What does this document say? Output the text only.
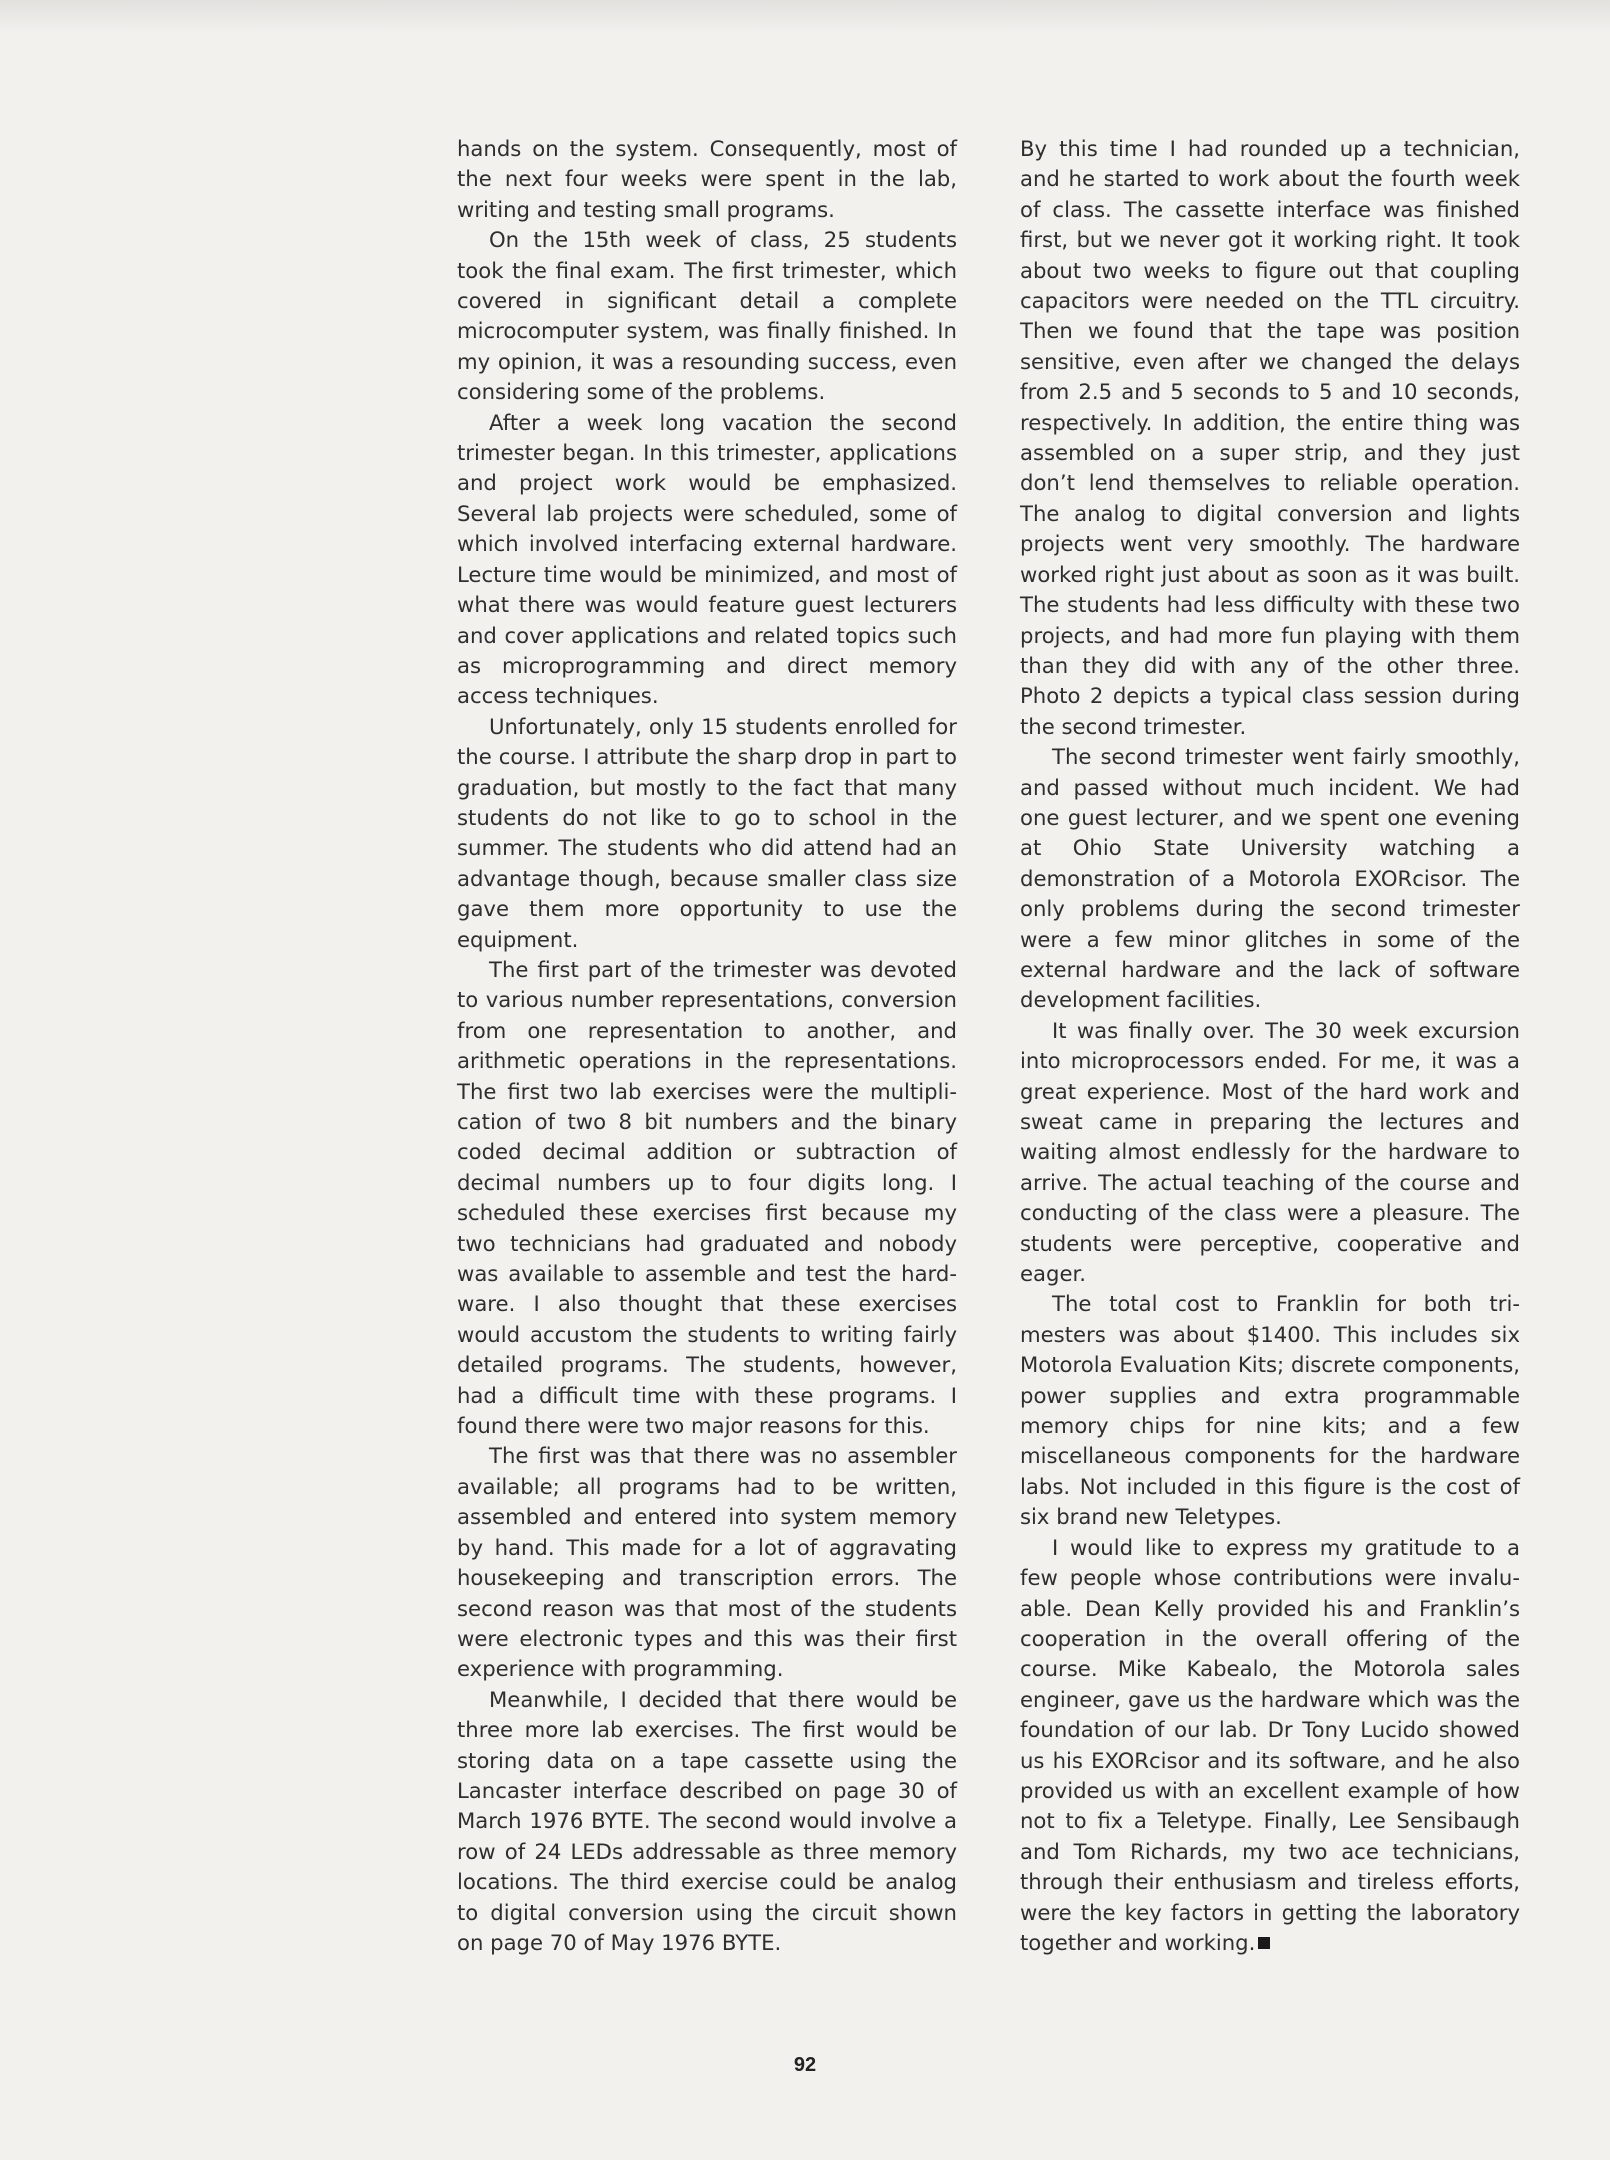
hands on the system. Consequently, most of the next four weeks were spent in the lab, writing and testing small programs.

On the 15th week of class, 25 students took the final exam. The first trimester, which covered in significant detail a complete microcomputer system, was finally finished. In my opinion, it was a resounding success, even considering some of the problems.

After a week long vacation the second trimester began. In this trimester, applications and project work would be emphasized. Several lab projects were scheduled, some of which involved interfacing external hardware. Lecture time would be minimized, and most of what there was would feature guest lecturers and cover applications and related topics such as microprogramming and direct memory access techniques.

Unfortunately, only 15 students enrolled for the course. I attribute the sharp drop in part to graduation, but mostly to the fact that many students do not like to go to school in the summer. The students who did attend had an advantage though, because smaller class size gave them more opportunity to use the equipment.

The first part of the trimester was devoted to various number representations, conversion from one representation to another, and arithmetic operations in the representations. The first two lab exercises were the multiplication of two 8 bit numbers and the binary coded decimal addition or subtraction of decimal numbers up to four digits long. I scheduled these exercises first because my two technicians had graduated and nobody was available to assemble and test the hardware. I also thought that these exercises would accustom the students to writing fairly detailed programs. The students, however, had a difficult time with these programs. I found there were two major reasons for this.

The first was that there was no assembler available; all programs had to be written, assembled and entered into system memory by hand. This made for a lot of aggravating housekeeping and transcription errors. The second reason was that most of the students were electronic types and this was their first experience with programming.

Meanwhile, I decided that there would be three more lab exercises. The first would be storing data on a tape cassette using the Lancaster interface described on page 30 of March 1976 BYTE. The second would involve a row of 24 LEDs addressable as three memory locations. The third exercise could be analog to digital conversion using the circuit shown on page 70 of May 1976 BYTE.

By this time I had rounded up a technician, and he started to work about the fourth week of class. The cassette interface was finished first, but we never got it working right. It took about two weeks to figure out that coupling capacitors were needed on the TTL circuitry. Then we found that the tape was position sensitive, even after we changed the delays from 2.5 and 5 seconds to 5 and 10 seconds, respectively. In addition, the entire thing was assembled on a super strip, and they just don’t lend themselves to reliable operation. The analog to digital conversion and lights projects went very smoothly. The hardware worked right just about as soon as it was built. The students had less difficulty with these two projects, and had more fun playing with them than they did with any of the other three. Photo 2 depicts a typical class session during the second trimester.

The second trimester went fairly smoothly, and passed without much incident. We had one guest lecturer, and we spent one evening at Ohio State University watching a demonstration of a Motorola EXORcisor. The only problems during the second trimester were a few minor glitches in some of the external hardware and the lack of software development facilities.

It was finally over. The 30 week excursion into microprocessors ended. For me, it was a great experience. Most of the hard work and sweat came in preparing the lectures and waiting almost endlessly for the hardware to arrive. The actual teaching of the course and conducting of the class were a pleasure. The students were perceptive, cooperative and eager.

The total cost to Franklin for both trimesters was about $1400. This includes six Motorola Evaluation Kits; discrete components, power supplies and extra programmable memory chips for nine kits; and a few miscellaneous components for the hardware labs. Not included in this figure is the cost of six brand new Teletypes.

I would like to express my gratitude to a few people whose contributions were invaluable. Dean Kelly provided his and Franklin’s cooperation in the overall offering of the course. Mike Kabealo, the Motorola sales engineer, gave us the hardware which was the foundation of our lab. Dr Tony Lucido showed us his EXORcisor and its software, and he also provided us with an excellent example of how not to fix a Teletype. Finally, Lee Sensibaugh and Tom Richards, my two ace technicians, through their enthusiasm and tireless efforts, were the key factors in getting the laboratory together and working.

92
